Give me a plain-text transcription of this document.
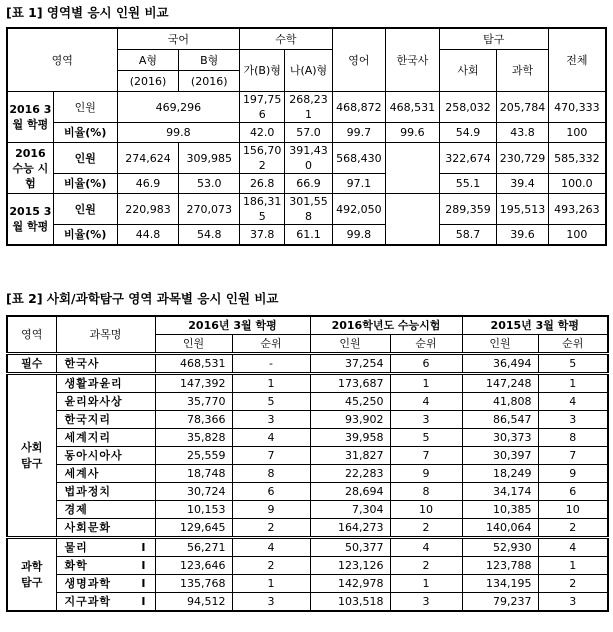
[표 1] 영역별 응시 인원 비교
영역		국어		수학		영어	한국사	탐구		전체
		A형	B형	가(B)형	나(A)형			사회	과학	
		(2016)	(2016)							
2016 3월 학평	인원	469,296		197,756	268,231	468,872	468,531	258,032	205,784	470,333
	비율(%)	99.8		42.0	57.0	99.7	99.6	54.9	43.8	100
2016 수능 시험	인원	274,624	309,985	156,702	391,430	568,430		322,674	230,729	585,332
	비율(%)	46.9	53.0	26.8	66.9	97.1		55.1	39.4	100.0
2015 3월 학평	인원	220,983	270,073	186,315	301,558	492,050		289,359	195,513	493,263
	비율(%)	44.8	54.8	37.8	61.1	99.8		58.7	39.6	100
[표 2] 사회/과학탐구 영역 과목별 응시 인원 비교
영역	과목명	2016년 3월 학평		2016학년도 수능시험		2015년 3월 학평	
		인원	순위	인원	순위	인원	순위
필수	한국사	468,531	-	37,254	6	36,494	5
사회탐구	생활과윤리	147,392	1	173,687	1	147,248	1
	윤리와사상	35,770	5	45,250	4	41,808	4
	한국지리	78,366	3	93,902	3	86,547	3
	세계지리	35,828	4	39,958	5	30,373	8
	동아시아사	25,559	7	31,827	7	30,397	7
	세계사	18,748	8	22,283	9	18,249	9
	법과정치	30,724	6	28,694	8	34,174	6
	경제	10,153	9	7,304	10	10,385	10
	사회문화	129,645	2	164,273	2	140,064	2
과학탐구	물리 I	56,271	4	50,377	4	52,930	4
	화학 I	123,646	2	123,126	2	123,788	1
	생명과학 I	135,768	1	142,978	1	134,195	2
	지구과학 I	94,512	3	103,518	3	79,237	3
